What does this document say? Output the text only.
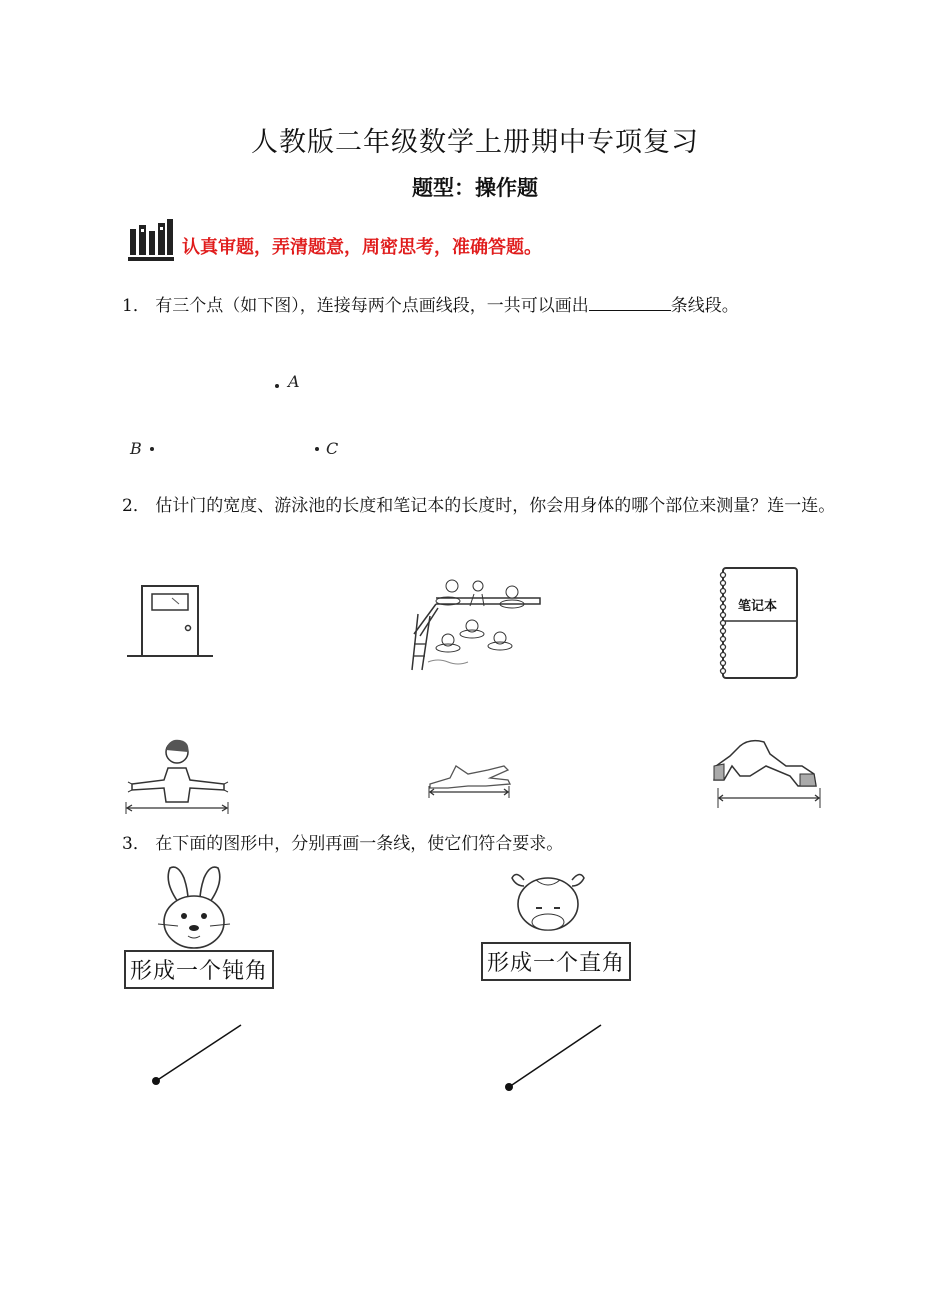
人教版二年级数学上册期中专项复习
题型：操作题
认真审题，弄清题意，周密思考，准确答题。
1． 有三个点（如下图），连接每两个点画线段，一共可以画出	条线段。
A
B	C
2． 估计门的宽度、游泳池的长度和笔记本的长度时，你会用身体的哪个部位来测量？连一连。
笔记本
3． 在下面的图形中，分别再画一条线，使它们符合要求。
形成一个钝角	形成一个直角
